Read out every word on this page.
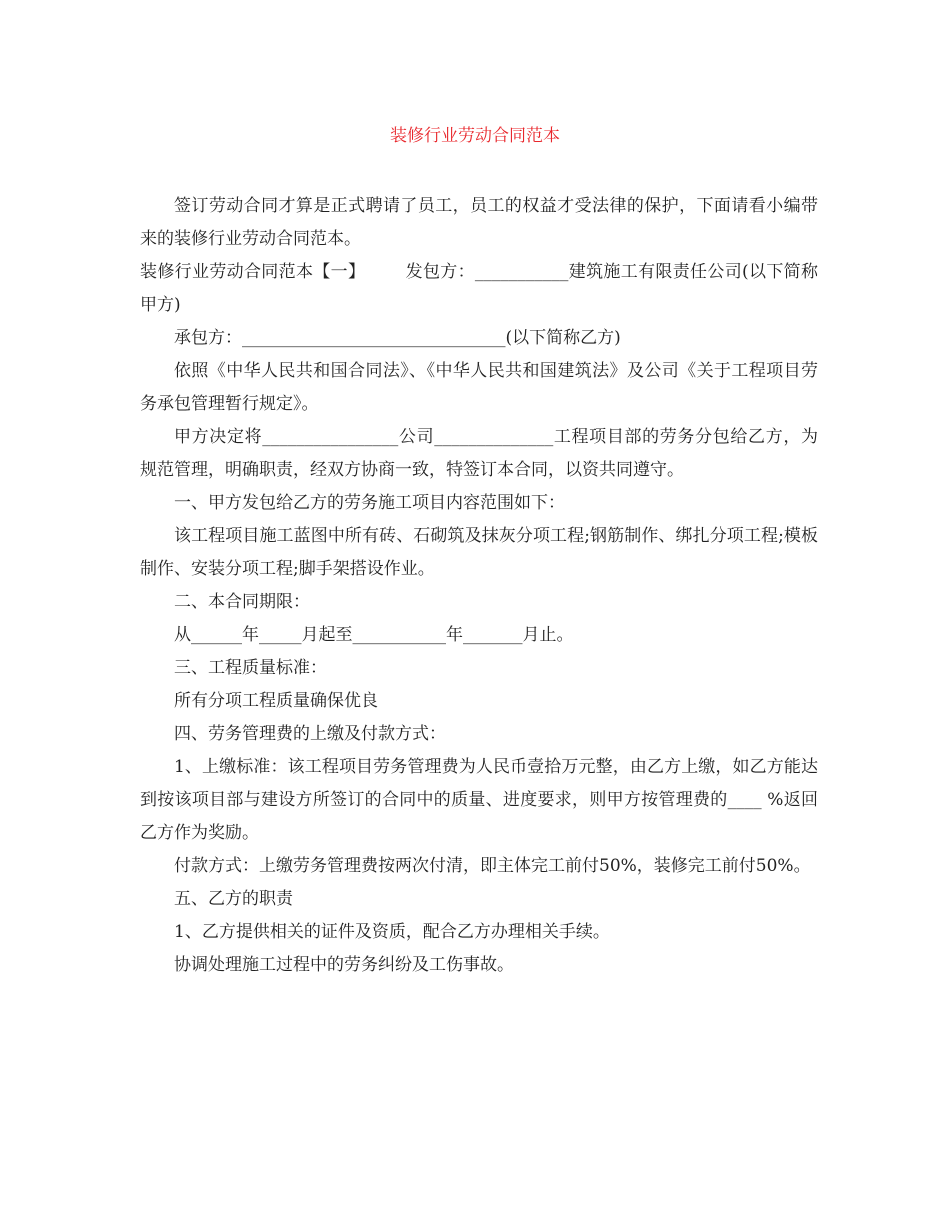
装修行业劳动合同范本

签订劳动合同才算是正式聘请了员工，员工的权益才受法律的保护，下面请看小编带来的装修行业劳动合同范本。

装修行业劳动合同范本【一】 发包方：___________建筑施工有限责任公司(以下简称甲方)

承包方：_______________________________(以下简称乙方)

依照《中华人民共和国合同法》、《中华人民共和国建筑法》及公司《关于工程项目劳务承包管理暂行规定》。

甲方决定将________________公司______________工程项目部的劳务分包给乙方，为规范管理，明确职责，经双方协商一致，特签订本合同，以资共同遵守。

一、甲方发包给乙方的劳务施工项目内容范围如下：

该工程项目施工蓝图中所有砖、石砌筑及抹灰分项工程;钢筋制作、绑扎分项工程;模板制作、安装分项工程;脚手架搭设作业。

二、本合同期限：

从______年_____月起至___________年_______月止。

三、工程质量标准：

所有分项工程质量确保优良

四、劳务管理费的上缴及付款方式：

1、上缴标准：该工程项目劳务管理费为人民币壹拾万元整，由乙方上缴，如乙方能达到按该项目部与建设方所签订的合同中的质量、进度要求，则甲方按管理费的____ %返回乙方作为奖励。

付款方式：上缴劳务管理费按两次付清，即主体完工前付50%，装修完工前付50%。

五、乙方的职责

1、乙方提供相关的证件及资质，配合乙方办理相关手续。

协调处理施工过程中的劳务纠纷及工伤事故。
